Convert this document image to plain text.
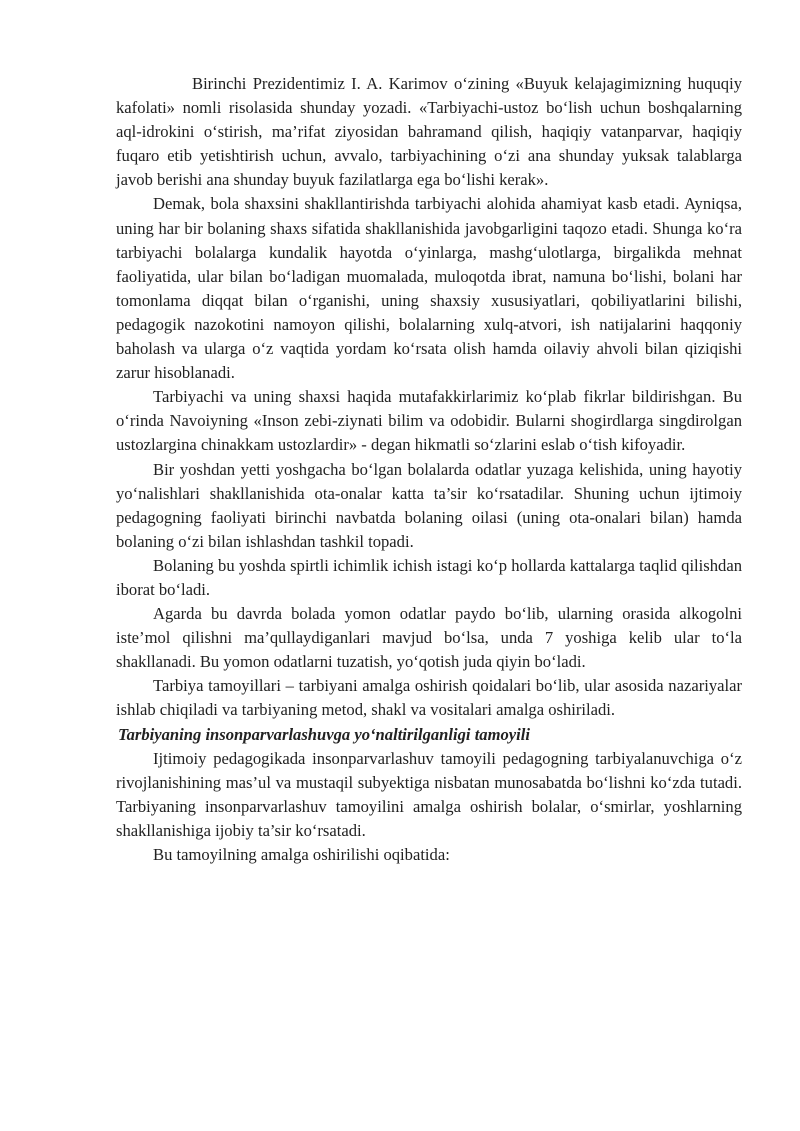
Birinchi Prezidentimiz I. A. Karimov o‘zining «Buyuk kelajagimizning huquqiy kafolati» nomli risolasida shunday yozadi. «Tarbiyachi-ustoz bo‘lish uchun boshqalarning aql-idrokini o‘stirish, ma’rifat ziyosidan bahramand qilish, haqiqiy vatanparvar, haqiqiy fuqaro etib yetishtirish uchun, avvalo, tarbiyachining o‘zi ana shunday yuksak talablarga javob berishi ana shunday buyuk fazilatlarga ega bo‘lishi kerak».

Demak, bola shaxsini shakllantirishda tarbiyachi alohida ahamiyat kasb etadi. Ayniqsa, uning har bir bolaning shaxs sifatida shakllanishida javobgarligini taqozo etadi. Shunga ko‘ra tarbiyachi bolalarga kundalik hayotda o‘yinlarga, mashg‘ulotlarga, birgalikda mehnat faoliyatida, ular bilan bo‘ladigan muomalada, muloqotda ibrat, namuna bo‘lishi, bolani har tomonlama diqqat bilan o‘rganishi, uning shaxsiy xususiyatlari, qobiliyatlarini bilishi, pedagogik nazokotini namoyon qilishi, bolalarning xulq-atvori, ish natijalarini haqqoniy baholash va ularga o‘z vaqtida yordam ko‘rsata olish hamda oilaviy ahvoli bilan qiziqishi zarur hisoblanadi.

Tarbiyachi va uning shaxsi haqida mutafakkirlarimiz ko‘plab fikrlar bildirishgan. Bu o‘rinda Navoiyning «Inson zebi-ziynati bilim va odobidir. Bularni shogirdlarga singdirolgan ustozlargina chinakkam ustozlardir» - degan hikmatli so‘zlarini eslab o‘tish kifoyadir.

Bir yoshdan yetti yoshgacha bo‘lgan bolalarda odatlar yuzaga kelishida, uning hayotiy yo‘nalishlari shakllanishida ota-onalar katta ta’sir ko‘rsatadilar. Shuning uchun ijtimoiy pedagogning faoliyati birinchi navbatda bolaning oilasi (uning ota-onalari bilan) hamda bolaning o‘zi bilan ishlashdan tashkil topadi.

Bolaning bu yoshda spirtli ichimlik ichish istagi ko‘p hollarda kattalarga taqlid qilishdan iborat bo‘ladi.

Agarda bu davrda bolada yomon odatlar paydo bo‘lib, ularning orasida alkogolni iste’mol qilishni ma’qullaydiganlari mavjud bo‘lsa, unda 7 yoshiga kelib ular to‘la shakllanadi. Bu yomon odatlarni tuzatish, yo‘qotish juda qiyin bo‘ladi.

Tarbiya tamoyillari – tarbiyani amalga oshirish qoidalari bo‘lib, ular asosida nazariyalar ishlab chiqiladi va tarbiyaning metod, shakl va vositalari amalga oshiriladi.

Tarbiyaning insonparvarlashuvga yo‘naltirilganligi tamoyili

Ijtimoiy pedagogikada insonparvarlashuv tamoyili pedagogning tarbiyalanuvchiga o‘z rivojlanishining mas’ul va mustaqil subyektiga nisbatan munosabatda bo‘lishni ko‘zda tutadi. Tarbiyaning insonparvarlashuv tamoyilini amalga oshirish bolalar, o‘smirlar, yoshlarning shakllanishiga ijobiy ta’sir ko‘rsatadi.

Bu tamoyilning amalga oshirilishi oqibatida:
